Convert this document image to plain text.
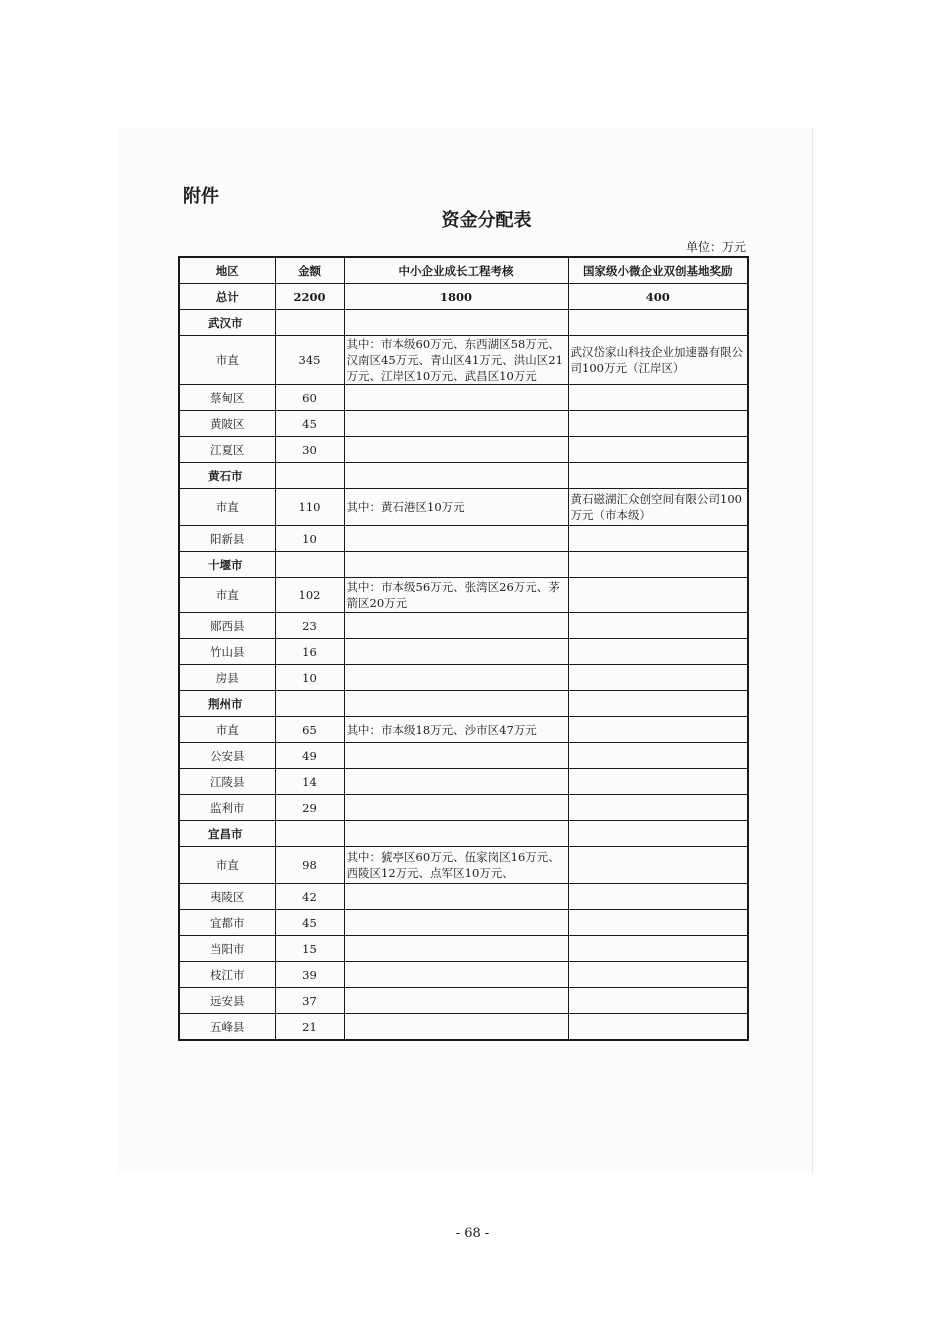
附件
资金分配表
单位：万元
地区	金额	中小企业成长工程考核	国家级小微企业双创基地奖励
总计	2200	1800	400
武汉市			
市直	345	其中：市本级60万元、东西湖区58万元、汉南区45万元、青山区41万元、洪山区21万元、江岸区10万元、武昌区10万元	武汉岱家山科技企业加速器有限公司100万元（江岸区）
蔡甸区	60		
黄陂区	45		
江夏区	30		
黄石市			
市直	110	其中：黄石港区10万元	黄石磁湖汇众创空间有限公司100万元（市本级）
阳新县	10		
十堰市			
市直	102	其中：市本级56万元、张湾区26万元、茅箭区20万元	
郧西县	23		
竹山县	16		
房县	10		
荆州市			
市直	65	其中：市本级18万元、沙市区47万元	
公安县	49		
江陵县	14		
监利市	29		
宜昌市			
市直	98	其中：猇亭区60万元、伍家岗区16万元、西陵区12万元、点军区10万元、	
夷陵区	42		
宜都市	45		
当阳市	15		
枝江市	39		
远安县	37		
五峰县	21		
- 68 -
